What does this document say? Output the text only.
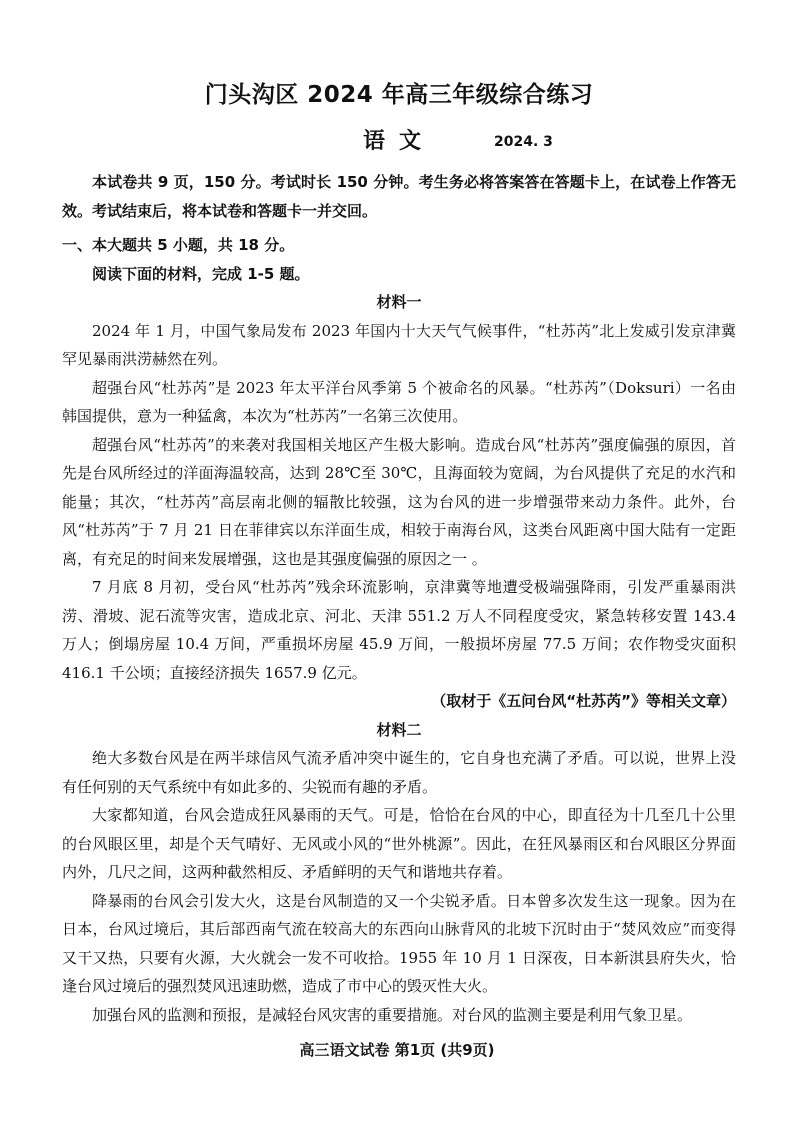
门头沟区 2024 年高三年级综合练习
语文	2024. 3

本试卷共 9 页，150 分。考试时长 150 分钟。考生务必将答案答在答题卡上，在试卷上作答无效。考试结束后，将本试卷和答题卡一并交回。

一、本大题共 5 小题，共 18 分。

阅读下面的材料，完成 1-5 题。

材料一

2024 年 1 月，中国气象局发布 2023 年国内十大天气气候事件，“杜苏芮”北上发威引发京津冀罕见暴雨洪涝赫然在列。

超强台风“杜苏芮”是 2023 年太平洋台风季第 5 个被命名的风暴。“杜苏芮”（Doksuri）一名由韩国提供，意为一种猛禽，本次为“杜苏芮”一名第三次使用。

超强台风“杜苏芮”的来袭对我国相关地区产生极大影响。造成台风“杜苏芮”强度偏强的原因，首先是台风所经过的洋面海温较高，达到 28℃至 30℃，且海面较为宽阔，为台风提供了充足的水汽和能量；其次，“杜苏芮”高层南北侧的辐散比较强，这为台风的进一步增强带来动力条件。此外，台风“杜苏芮”于 7 月 21 日在菲律宾以东洋面生成，相较于南海台风，这类台风距离中国大陆有一定距离，有充足的时间来发展增强，这也是其强度偏强的原因之一 。

7 月底 8 月初，受台风“杜苏芮”残余环流影响，京津冀等地遭受极端强降雨，引发严重暴雨洪涝、滑坡、泥石流等灾害，造成北京、河北、天津 551.2 万人不同程度受灾，紧急转移安置 143.4 万人；倒塌房屋 10.4 万间，严重损坏房屋 45.9 万间，一般损坏房屋 77.5 万间；农作物受灾面积 416.1 千公顷；直接经济损失 1657.9 亿元。

（取材于《五问台风“杜苏芮”》等相关文章）

材料二

绝大多数台风是在两半球信风气流矛盾冲突中诞生的，它自身也充满了矛盾。可以说，世界上没有任何别的天气系统中有如此多的、尖锐而有趣的矛盾。

大家都知道，台风会造成狂风暴雨的天气。可是，恰恰在台风的中心，即直径为十几至几十公里的台风眼区里，却是个天气晴好、无风或小风的“世外桃源”。因此，在狂风暴雨区和台风眼区分界面内外，几尺之间，这两种截然相反、矛盾鲜明的天气和谐地共存着。

降暴雨的台风会引发大火，这是台风制造的又一个尖锐矛盾。日本曾多次发生这一现象。因为在日本，台风过境后，其后部西南气流在较高大的东西向山脉背风的北坡下沉时由于“焚风效应”而变得又干又热，只要有火源，大火就会一发不可收拾。1955 年 10 月 1 日深夜，日本新淇县府失火，恰逢台风过境后的强烈焚风迅速助燃，造成了市中心的毁灭性大火。

加强台风的监测和预报，是减轻台风灾害的重要措施。对台风的监测主要是利用气象卫星。

高三语文试卷 第1页 (共9页)
